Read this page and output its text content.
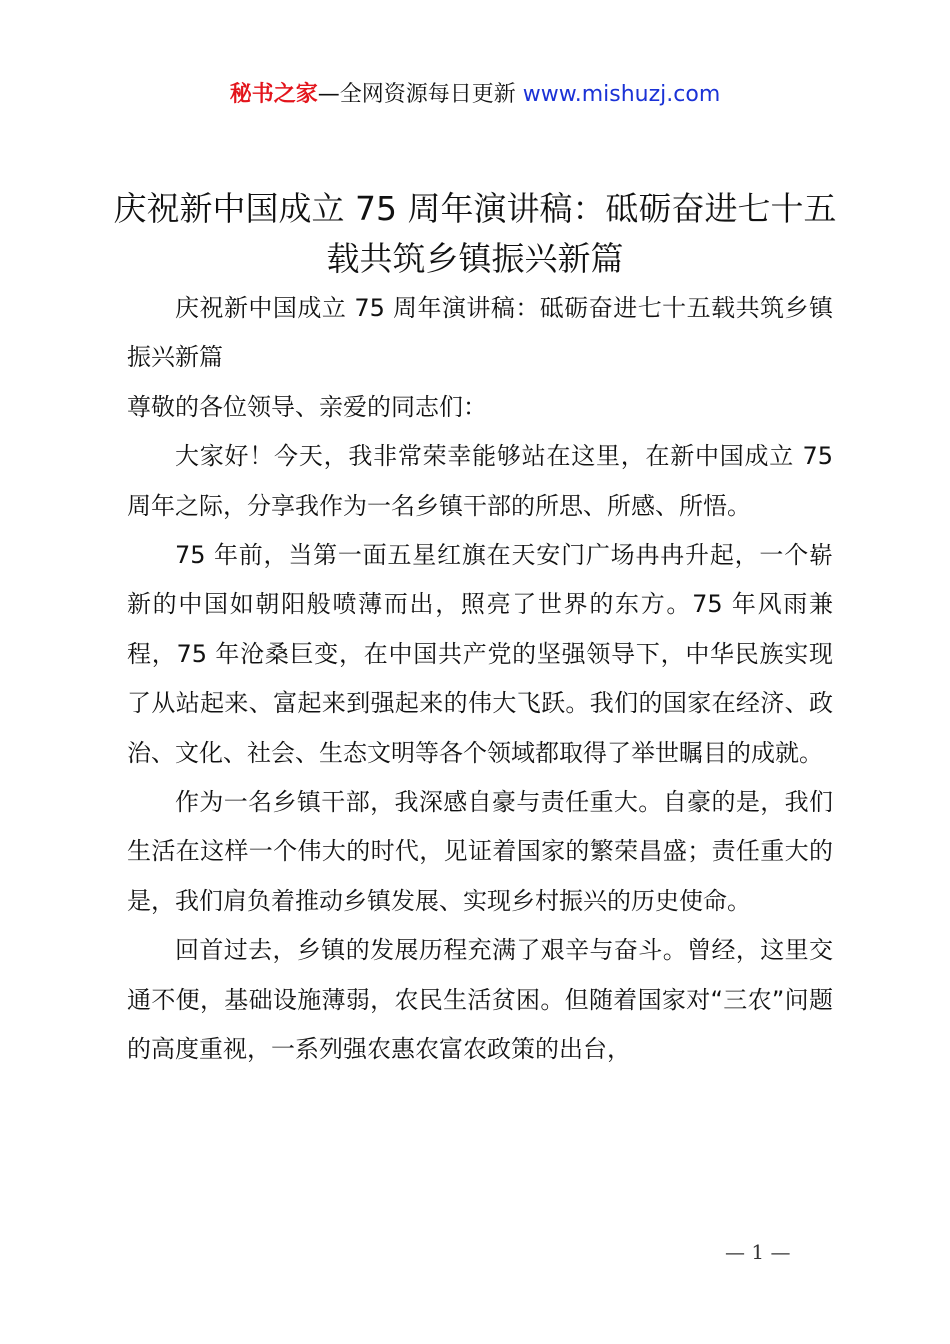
秘书之家—全网资源每日更新 www.mishuzj.com
庆祝新中国成立 75 周年演讲稿：砥砺奋进七十五载共筑乡镇振兴新篇

庆祝新中国成立 75 周年演讲稿：砥砺奋进七十五载共筑乡镇振兴新篇

尊敬的各位领导、亲爱的同志们：

大家好！今天，我非常荣幸能够站在这里，在新中国成立 75 周年之际，分享我作为一名乡镇干部的所思、所感、所悟。

75 年前，当第一面五星红旗在天安门广场冉冉升起，一个崭新的中国如朝阳般喷薄而出，照亮了世界的东方。75 年风雨兼程，75 年沧桑巨变，在中国共产党的坚强领导下，中华民族实现了从站起来、富起来到强起来的伟大飞跃。我们的国家在经济、政治、文化、社会、生态文明等各个领域都取得了举世瞩目的成就。

作为一名乡镇干部，我深感自豪与责任重大。自豪的是，我们生活在这样一个伟大的时代，见证着国家的繁荣昌盛；责任重大的是，我们肩负着推动乡镇发展、实现乡村振兴的历史使命。

回首过去，乡镇的发展历程充满了艰辛与奋斗。曾经，这里交通不便，基础设施薄弱，农民生活贫困。但随着国家对“三农”问题的高度重视，一系列强农惠农富农政策的出台，

— 1 —
